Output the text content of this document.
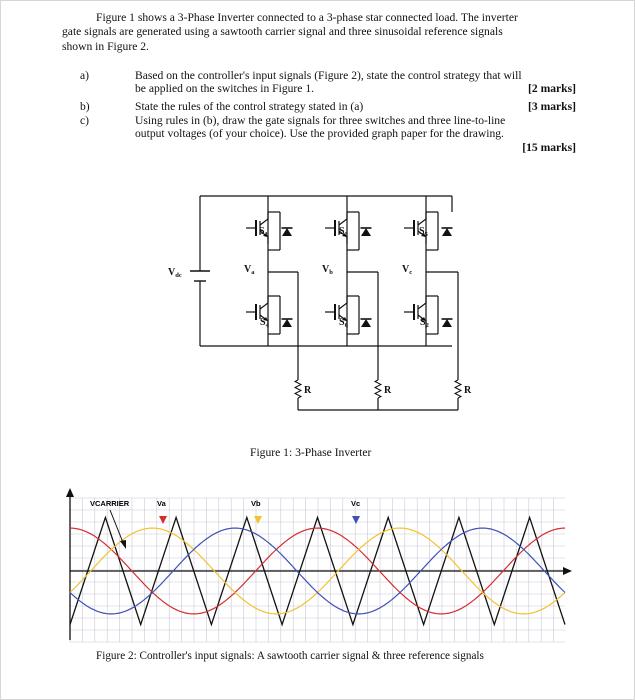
Figure 1 shows a 3-Phase Inverter connected to a 3-phase star connected load. The inverter
gate signals are generated using a sawtooth carrier signal and three sinusoidal reference signals
shown in Figure 2.
a)	Based on the controller's input signals (Figure 2), state the control strategy that will
be applied on the switches in Figure 1.	[2 marks]
b)	State the rules of the control strategy stated in (a)	[3 marks]
c)	Using rules in (b), draw the gate signals for three switches and three line-to-line
output voltages (of your choice). Use the provided graph paper for the drawing.
[15 marks]

$S_1$	$S_3$	$S_5$
$S_4$	$S_6$	$S_2$
$V_{dc}$
$V_a$	$V_b$	$V_c$
R	R	R
Figure 1: 3-Phase Inverter
VCARRIER	Va	Vb	Vc
Figure 2: Controller's input signals: A sawtooth carrier signal & three reference signals
